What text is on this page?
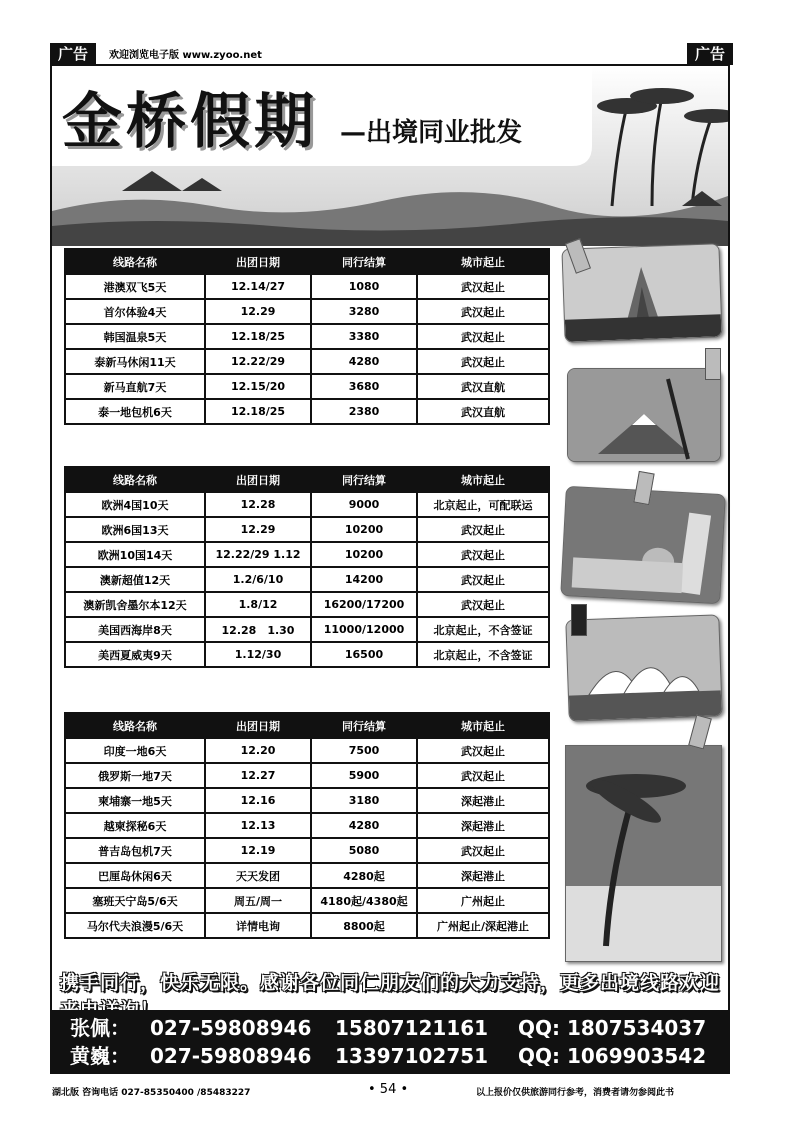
广告	欢迎浏览电子版 www.zyoo.net	广告
金桥假期 —出境同业批发
线路名称	出团日期	同行结算	城市起止
港澳双飞5天	12.14/27	1080	武汉起止
首尔体验4天	12.29	3280	武汉起止
韩国温泉5天	12.18/25	3380	武汉起止
泰新马休闲11天	12.22/29	4280	武汉起止
新马直航7天	12.15/20	3680	武汉直航
泰一地包机6天	12.18/25	2380	武汉直航
线路名称	出团日期	同行结算	城市起止
欧洲4国10天	12.28	9000	北京起止，可配联运
欧洲6国13天	12.29	10200	武汉起止
欧洲10国14天	12.22/29 1.12	10200	武汉起止
澳新超值12天	1.2/6/10	14200	武汉起止
澳新凯舍墨尔本12天	1.8/12	16200/17200	武汉起止
美国西海岸8天	12.28　1.30	11000/12000	北京起止，不含签证
美西夏威夷9天	1.12/30	16500	北京起止，不含签证
线路名称	出团日期	同行结算	城市起止
印度一地6天	12.20	7500	武汉起止
俄罗斯一地7天	12.27	5900	武汉起止
柬埔寨一地5天	12.16	3180	深起港止
越柬探秘6天	12.13	4280	深起港止
普吉岛包机7天	12.19	5080	武汉起止
巴厘岛休闲6天	天天发团	4280起	深起港止
塞班天宁岛5/6天	周五/周一	4180起/4380起	广州起止
马尔代夫浪漫5/6天	详情电询	8800起	广州起止/深起港止
携手同行，快乐无限。感谢各位同仁朋友们的大力支持，更多出境线路欢迎
张佩： 027-59808946 15807121161 QQ: 1807534037
黄巍： 027-59808946 13397102751 QQ: 1069903542
湖北版 咨询电话 027-85350400 /85483227	• 54 •	以上报价仅供旅游同行参考，消费者请勿参阅此书
